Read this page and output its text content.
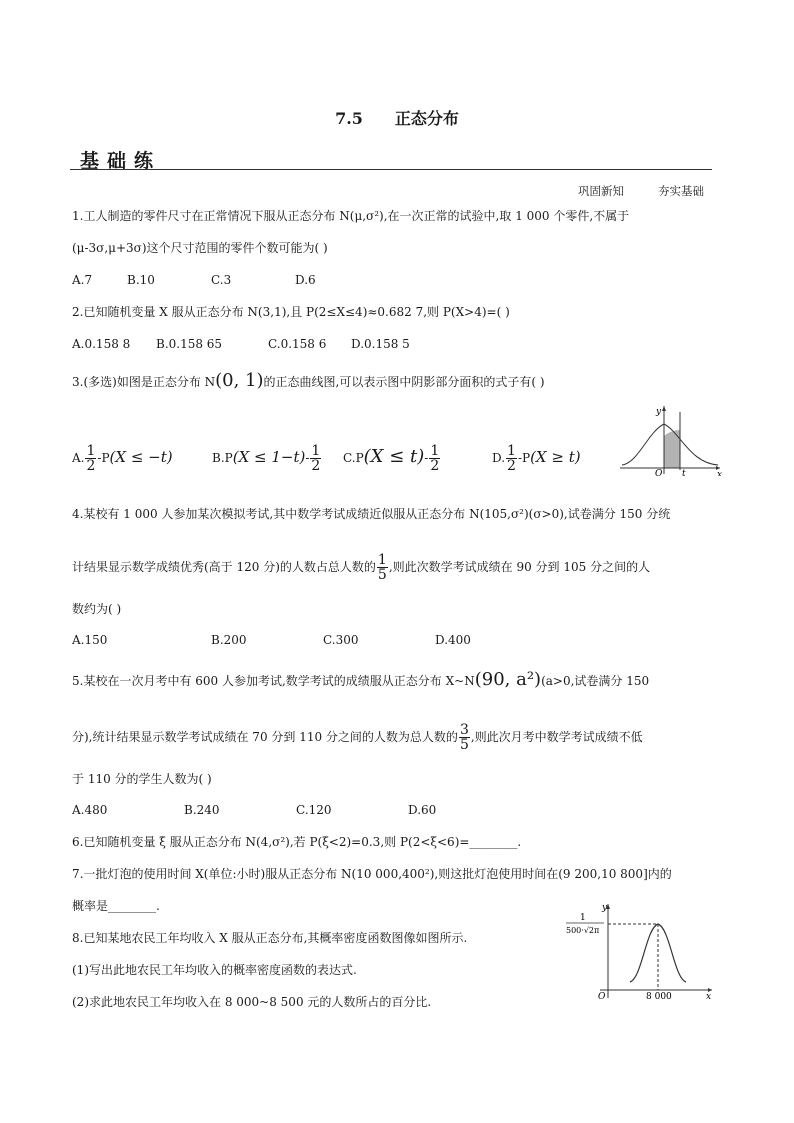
7.5 正态分布
基础练
巩固新知	夯实基础
1.工人制造的零件尺寸在正常情况下服从正态分布 N(μ,σ²),在一次正常的试验中,取 1 000 个零件,不属于
(μ-3σ,μ+3σ)这个尺寸范围的零件个数可能为( )
A.7	B.10	C.3	D.6
2.已知随机变量 X 服从正态分布 N(3,1),且 P(2≤X≤4)≈0.682 7,则 P(X>4)=( )
A.0.158 8 B.0.158 65	C.0.158 6 D.0.158 5
3.(多选)如图是正态分布 N(0, 1)的正态曲线图,可以表示图中阴影部分面积的式子有( )
A. $\frac{1}{2} -P(X \le -t)$	$B.P(X \le 1-t)- \frac{1}{2} C.P(X \le t)- \frac{1}{2}$	D. $\frac{1}{2} -P(X \ge t)$
y
x
O t
4.某校有 1 000 人参加某次模拟考试,其中数学考试成绩近似服从正态分布 N(105,σ²)(σ>0),试卷满分 150 分统
计结果显示数学成绩优秀(高于 120 分)的人数占总人数的 $\frac{1}{5}$ ,则此次数学考试成绩在 90 分到 105 分之间的人
数约为( )
A.150	B.200	C.300	D.400
5.某校在一次月考中有 600 人参加考试,数学考试的成绩服从正态分布 X~N(90, a²)(a>0,试卷满分 150
分),统计结果显示数学考试成绩在 70 分到 110 分之间的人数为总人数的 $\frac{3}{5}$ ,则此次月考中数学考试成绩不低
于 110 分的学生人数为( )
A.480	B.240	C.120	D.60
6.已知随机变量 ξ 服从正态分布 N(4,σ²),若 P(ξ<2)=0.3,则 P(2<ξ<6)=________.
7.一批灯泡的使用时间 X(单位:小时)服从正态分布 N(10 000,400²),则这批灯泡使用时间在(9 200,10 800]内的
概率是________.
8.已知某地农民工年均收入 X 服从正态分布,其概率密度函数图像如图所示.
(1)写出此地农民工年均收入的概率密度函数的表达式.
(2)求此地农民工年均收入在 8 000~8 500 元的人数所占的百分比.
y
x
O
1
500·√2π
8 000
